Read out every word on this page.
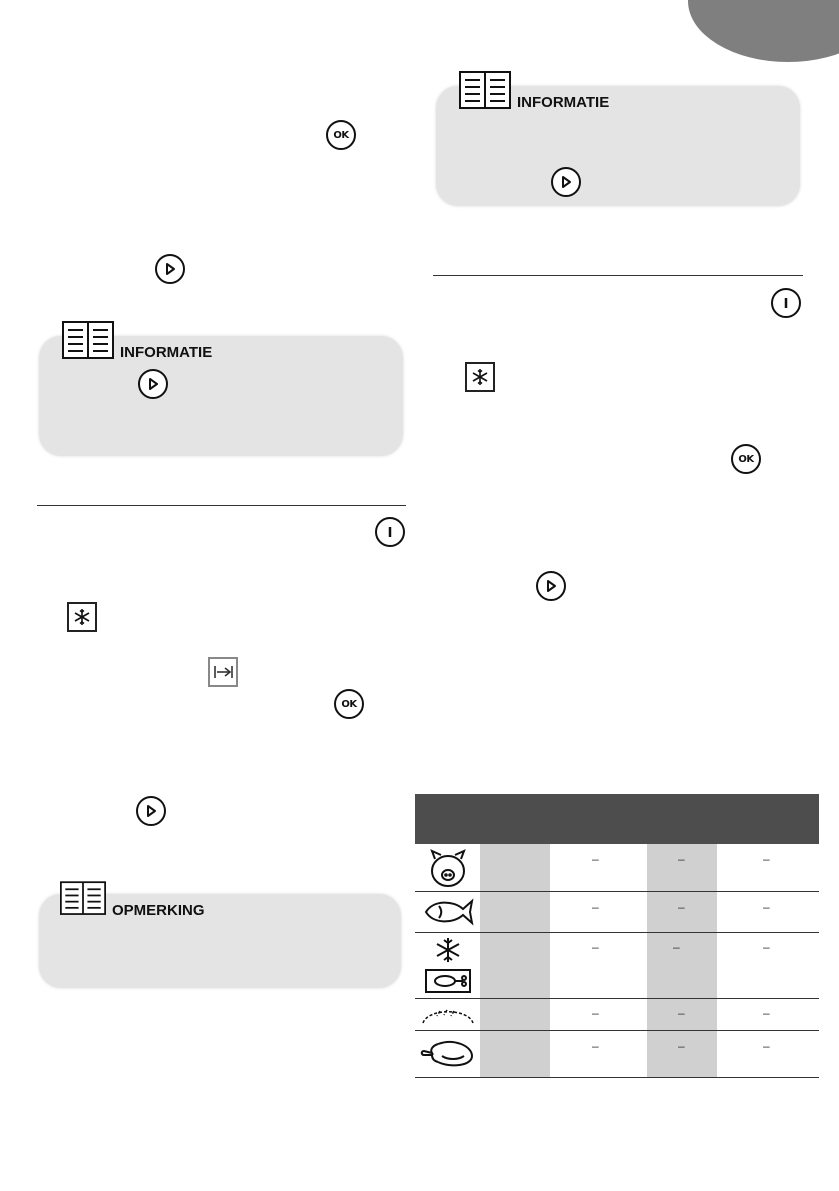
OK
INFORMATIE
OK
OPMERKING
INFORMATIE
OK
–	–	–
–	–	–
–	–	–
–	–	–
–	–	–
